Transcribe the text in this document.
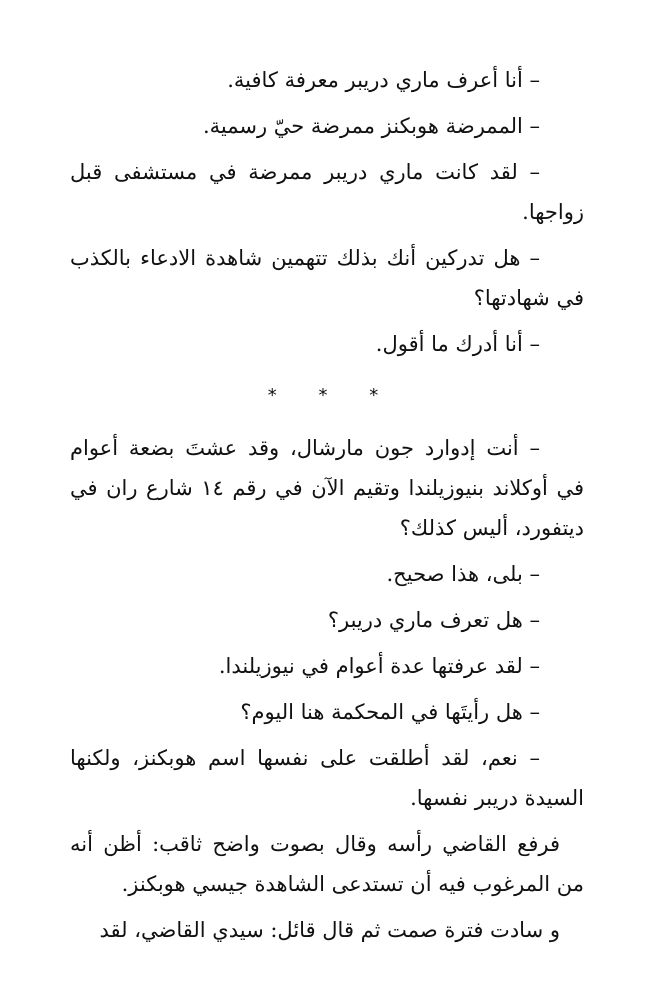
– أنا أعرف ماري دريبر معرفة كافية.

– الممرضة هوبكنز ممرضة حيّ رسمية.

– لقد كانت ماري دريبر ممرضة في مستشفى قبل زواجها.

– هل تدركين أنك بذلك تتهمين شاهدة الادعاء بالكذب في شهادتها؟

– أنا أدرك ما أقول.

* * *

– أنت إدوارد جون مارشال، وقد عشتَ بضعة أعوام في أوكلاند بنيوزيلندا وتقيم الآن في رقم ١٤ شارع ران في ديتفورد، أليس كذلك؟

– بلى، هذا صحيح.

– هل تعرف ماري دريبر؟

– لقد عرفتها عدة أعوام في نيوزيلندا.

– هل رأيتَها في المحكمة هنا اليوم؟

– نعم، لقد أطلقت على نفسها اسم هوبكنز، ولكنها السيدة دريبر نفسها.

فرفع القاضي رأسه وقال بصوت واضح ثاقب: أظن أنه من المرغوب فيه أن تستدعى الشاهدة جيسي هوبكنز.

و سادت فترة صمت ثم قال قائل: سيدي القاضي، لقد
